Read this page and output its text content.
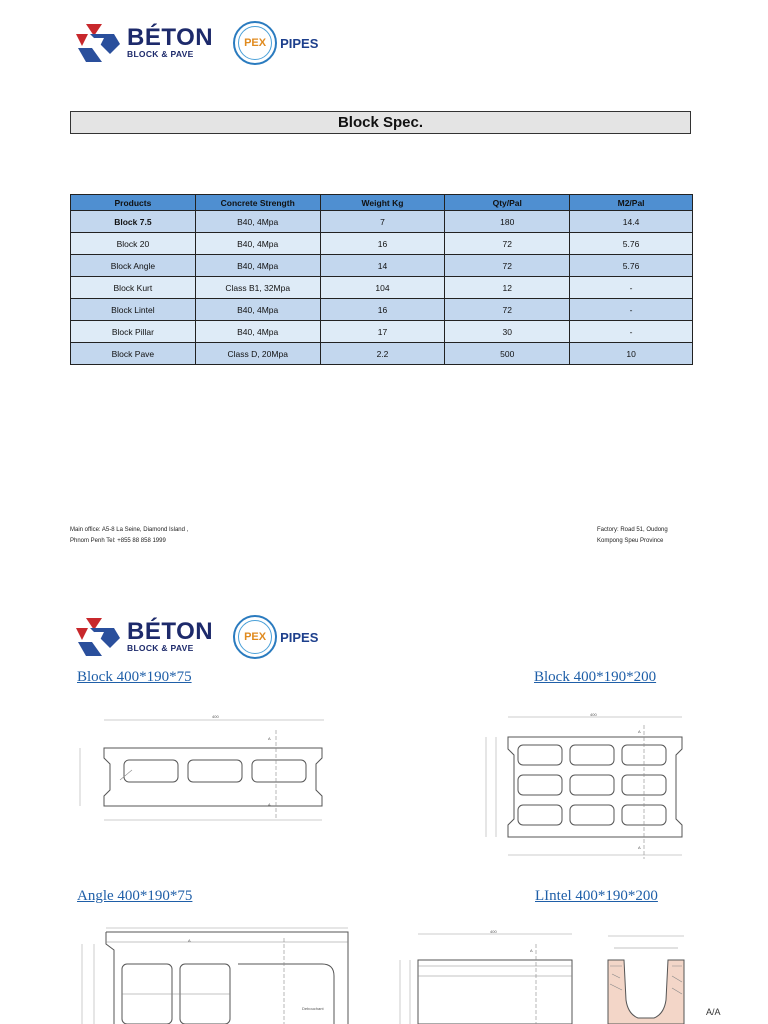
BÉTON
BLOCK & PAVE
PEX PIPES
Block Spec.
Products	Concrete Strength	Weight Kg	Qty/Pal	M2/Pal
Block 7.5	B40, 4Mpa	7	180	14.4
Block 20	B40, 4Mpa	16	72	5.76
Block Angle	B40, 4Mpa	14	72	5.76
Block Kurt	Class B1, 32Mpa	104	12	-
Block Lintel	B40, 4Mpa	16	72	-
Block Pillar	B40, 4Mpa	17	30	-
Block Pave	Class D, 20Mpa	2.2	500	10
Main office: A5-8 La Seine, Diamond Island ,
Phnom Penh Tel: +855 88 858 1999
Factory: Road 51, Oudong
Kompong Speu Province
BÉTON
BLOCK & PAVE
PEX PIPES
Block 400*190*75	Block 400*190*200
Angle 400*190*75	LIntel 400*190*200
400
A
A
400
A
A
A
Debouchant
400
A
A/A
